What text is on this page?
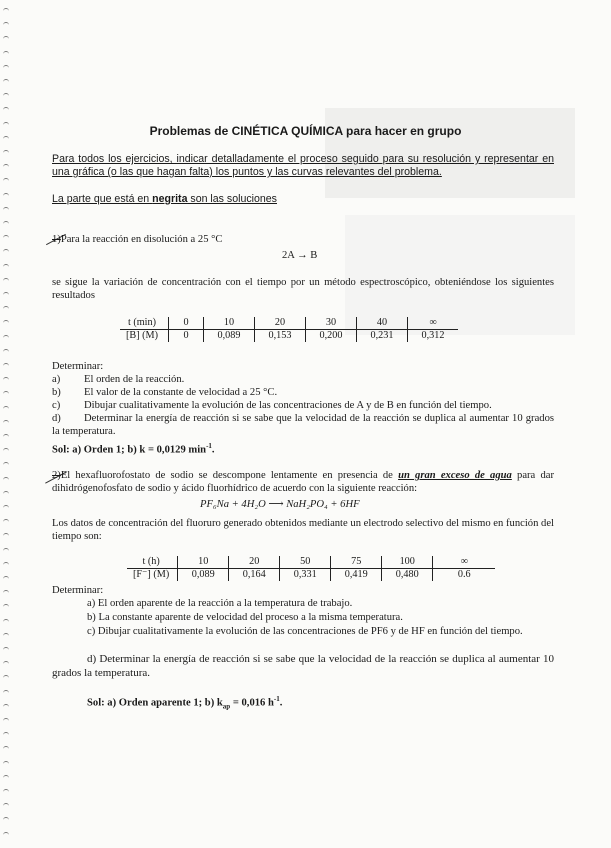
Problemas de CINÉTICA QUÍMICA para hacer en grupo
Para todos los ejercicios, indicar detalladamente el proceso seguido para su resolución y representar en una gráfica (o las que hagan falta) los puntos y las curvas relevantes del problema.
La parte que está en negrita son las soluciones
1)Para la reacción en disolución a 25 °C
2A → B
se sigue la variación de concentración con el tiempo por un método espectroscópico, obteniéndose los siguientes resultados
t (min)	0	10	20	30	40	∞
[B] (M)	0	0,089	0,153	0,200	0,231	0,312
Determinar:
a) El orden de la reacción.
b) El valor de la constante de velocidad a 25 °C.
c) Dibujar cualitativamente la evolución de las concentraciones de A y de B en función del tiempo.
d) Determinar la energía de reacción si se sabe que la velocidad de la reacción se duplica al aumentar 10 grados la temperatura.
Sol: a) Orden 1; b) k = 0,0129 $\min^{-1}$.
2)El hexafluorofostato de sodio se descompone lentamente en presencia de un gran exceso de agua para dar dihidrógenofosfato de sodio y ácido fluorhídrico de acuerdo con la siguiente reacción:
PF₆Na + 4H₂O ⟶ NaH₂PO₄ + 6HF
Los datos de concentración del fluoruro generado obtenidos mediante un electrodo selectivo del mismo en función del tiempo son:
t (h)	10	20	50	75	100	∞
[F⁻] (M)	0,089	0,164	0,331	0,419	0,480	0.6
Determinar:
a) El orden aparente de la reacción a la temperatura de trabajo.
b) La constante aparente de velocidad del proceso a la misma temperatura.
c) Dibujar cualitativamente la evolución de las concentraciones de PF6 y de HF en función del tiempo.
d) Determinar la energía de reacción si se sabe que la velocidad de la reacción se duplica al aumentar 10 grados la temperatura.
Sol: a) Orden aparente 1; b) $k_{ap} = 0,016$ $h^{-1}$.
